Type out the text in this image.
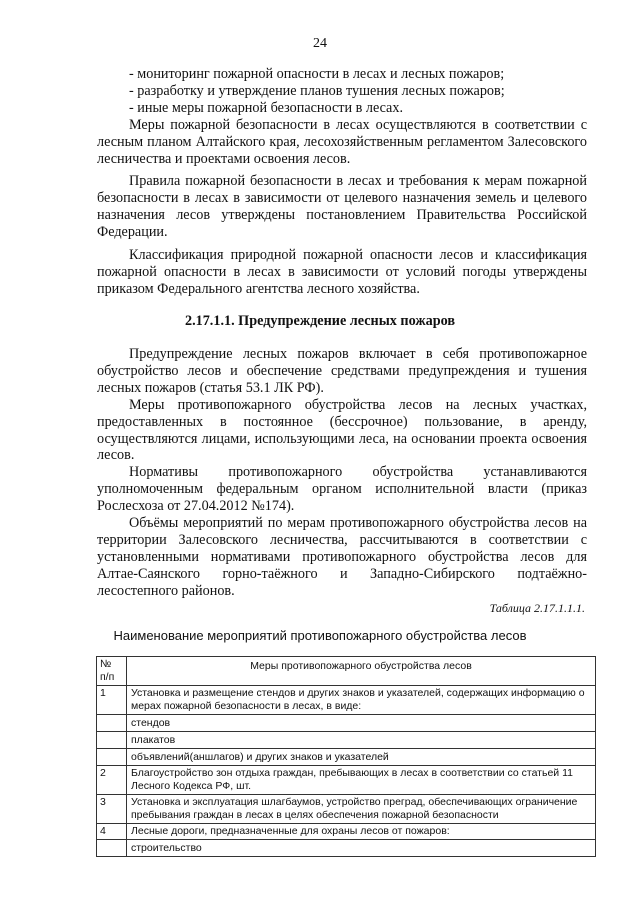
24

- мониторинг пожарной опасности в лесах и лесных пожаров;

- разработку и утверждение планов тушения лесных пожаров;

- иные меры пожарной безопасности в лесах.

Меры пожарной безопасности в лесах осуществляются в соответствии с лесным планом Алтайского края, лесохозяйственным регламентом Залесовского лесничества и проектами освоения лесов.

Правила пожарной безопасности в лесах и требования к мерам пожарной безопасности в лесах в зависимости от целевого назначения земель и целевого назначения лесов утверждены постановлением Правительства Российской Федерации.

Классификация природной пожарной опасности лесов и классификация пожарной опасности в лесах в зависимости от условий погоды утверждены приказом Федерального агентства лесного хозяйства.

2.17.1.1. Предупреждение лесных пожаров

Предупреждение лесных пожаров включает в себя противопожарное обустройство лесов и обеспечение средствами предупреждения и тушения лесных пожаров (статья 53.1 ЛК РФ).

Меры противопожарного обустройства лесов на лесных участках, предоставленных в постоянное (бессрочное) пользование, в аренду, осуществляются лицами, использующими леса, на основании проекта освоения лесов.

Нормативы противопожарного обустройства устанавливаются уполномоченным федеральным органом исполнительной власти (приказ Рослесхоза от 27.04.2012 №174).

Объёмы мероприятий по мерам противопожарного обустройства лесов на территории Залесовского лесничества, рассчитываются в соответствии с установленными нормативами противопожарного обустройства лесов для Алтае-Саянского горно-таёжного и Западно-Сибирского подтаёжно-лесостепного районов.

Таблица 2.17.1.1.1.
Наименование мероприятий противопожарного обустройства лесов
№ п/п	Меры противопожарного обустройства лесов
1	Установка и размещение стендов и других знаков и указателей, содержащих информацию о мерах пожарной безопасности в лесах, в виде:
	стендов
	плакатов
	объявлений(аншлагов) и других знаков и указателей
2	Благоустройство зон отдыха граждан, пребывающих в лесах в соответствии со статьей 11 Лесного Кодекса РФ, шт.
3	Установка и эксплуатация шлагбаумов, устройство преград, обеспечивающих ограничение пребывания граждан в лесах в целях обеспечения пожарной безопасности
4	Лесные дороги, предназначенные для охраны лесов от пожаров:
	строительство
